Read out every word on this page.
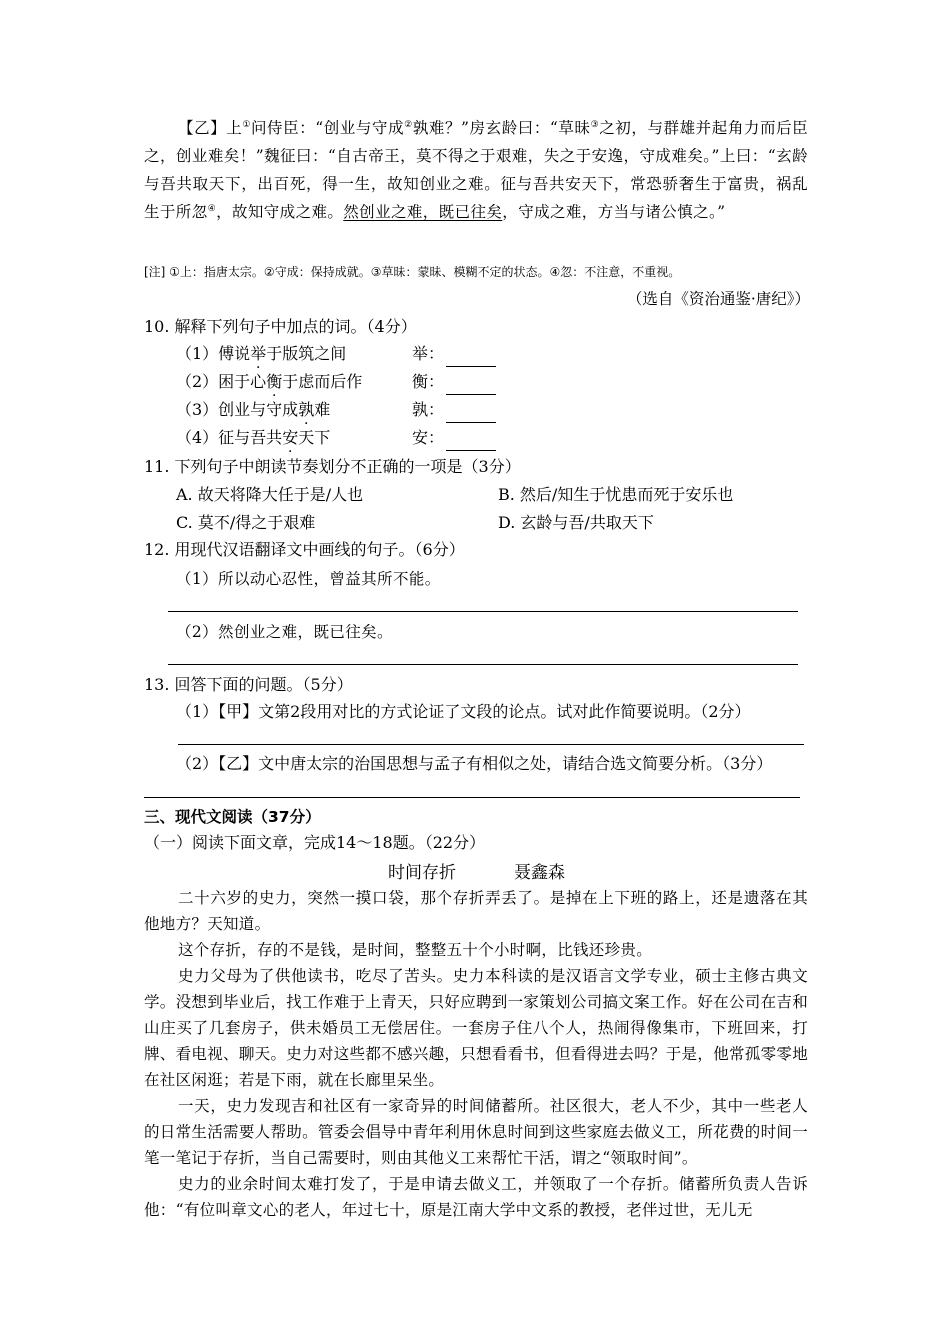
【乙】上①问侍臣：“创业与守成②孰难？”房玄龄曰：“草昧③之初，与群雄并起角力而后臣之，创业难矣！”魏征曰：“自古帝王，莫不得之于艰难，失之于安逸，守成难矣。”上曰：“玄龄与吾共取天下，出百死，得一生，故知创业之难。征与吾共安天下，常恐骄奢生于富贵，祸乱生于所忽④，故知守成之难。然创业之难，既已往矣，守成之难，方当与诸公慎之。”
[注] ①上：指唐太宗。②守成：保持成就。③草昧：蒙昧、模糊不定的状态。④忽：不注意，不重视。
（选自《资治通鉴·唐纪》）
10. 解释下列句子中加点的词。（4分）
（1）傅说举于版筑之间	举：
（2）困于心衡于虑而后作	衡：
（3）创业与守成孰难	孰：
（4）征与吾共安天下	安：
11. 下列句子中朗读节奏划分不正确的一项是（3分）
A. 故天将降大任于是/人也	B. 然后/知生于忧患而死于安乐也
C. 莫不/得之于艰难	D. 玄龄与吾/共取天下
12. 用现代汉语翻译文中画线的句子。（6分）
（1）所以动心忍性，曾益其所不能。
（2）然创业之难，既已往矣。
13. 回答下面的问题。（5分）
（1）【甲】文第2段用对比的方式论证了文段的论点。试对此作简要说明。（2分）
（2）【乙】文中唐太宗的治国思想与孟子有相似之处，请结合选文简要分析。（3分）
三、现代文阅读（37分）
（一）阅读下面文章，完成14～18题。（22分）
时间存折	聂鑫森
二十六岁的史力，突然一摸口袋，那个存折弄丢了。是掉在上下班的路上，还是遗落在其他地方？天知道。
这个存折，存的不是钱，是时间，整整五十个小时啊，比钱还珍贵。
史力父母为了供他读书，吃尽了苦头。史力本科读的是汉语言文学专业，硕士主修古典文学。没想到毕业后，找工作难于上青天，只好应聘到一家策划公司搞文案工作。好在公司在吉和山庄买了几套房子，供未婚员工无偿居住。一套房子住八个人，热闹得像集市，下班回来，打牌、看电视、聊天。史力对这些都不感兴趣，只想看看书，但看得进去吗？于是，他常孤零零地在社区闲逛；若是下雨，就在长廊里呆坐。
一天，史力发现吉和社区有一家奇异的时间储蓄所。社区很大，老人不少，其中一些老人的日常生活需要人帮助。管委会倡导中青年利用休息时间到这些家庭去做义工，所花费的时间一笔一笔记于存折，当自己需要时，则由其他义工来帮忙干活，谓之“领取时间”。
史力的业余时间太难打发了，于是申请去做义工，并领取了一个存折。储蓄所负责人告诉他：“有位叫章文心的老人，年过七十，原是江南大学中文系的教授，老伴过世，无儿无
